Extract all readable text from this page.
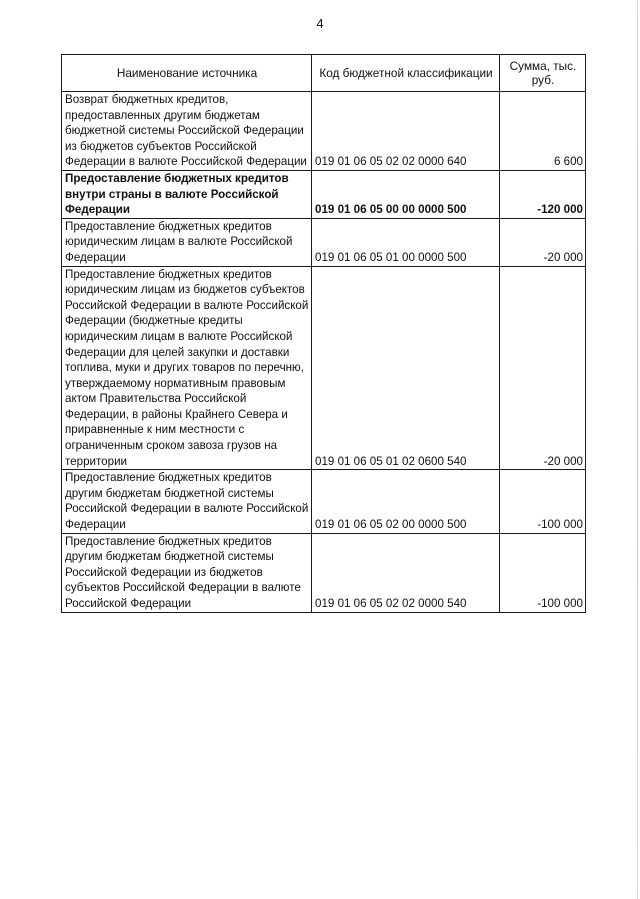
4
Наименование источника	Код бюджетной классификации	Сумма, тыс. руб.
Возврат бюджетных кредитов, предоставленных другим бюджетам бюджетной системы Российской Федерации из бюджетов субъектов Российской Федерации в валюте Российской Федерации	019 01 06 05 02 02 0000 640	6 600
Предоставление бюджетных кредитов внутри страны в валюте Российской Федерации	019 01 06 05 00 00 0000 500	-120 000
Предоставление бюджетных кредитов юридическим лицам в валюте Российской Федерации	019 01 06 05 01 00 0000 500	-20 000
Предоставление бюджетных кредитов юридическим лицам из бюджетов субъектов Российской Федерации в валюте Российской Федерации (бюджетные кредиты юридическим лицам в валюте Российской Федерации для целей закупки и доставки топлива, муки и других товаров по перечню, утверждаемому нормативным правовым актом Правительства Российской Федерации, в районы Крайнего Севера и приравненные к ним местности с ограниченным сроком завоза грузов на территории	019 01 06 05 01 02 0600 540	-20 000
Предоставление бюджетных кредитов другим бюджетам бюджетной системы Российской Федерации в валюте Российской Федерации	019 01 06 05 02 00 0000 500	-100 000
Предоставление бюджетных кредитов другим бюджетам бюджетной системы Российской Федерации из бюджетов субъектов Российской Федерации в валюте Российской Федерации	019 01 06 05 02 02 0000 540	-100 000
